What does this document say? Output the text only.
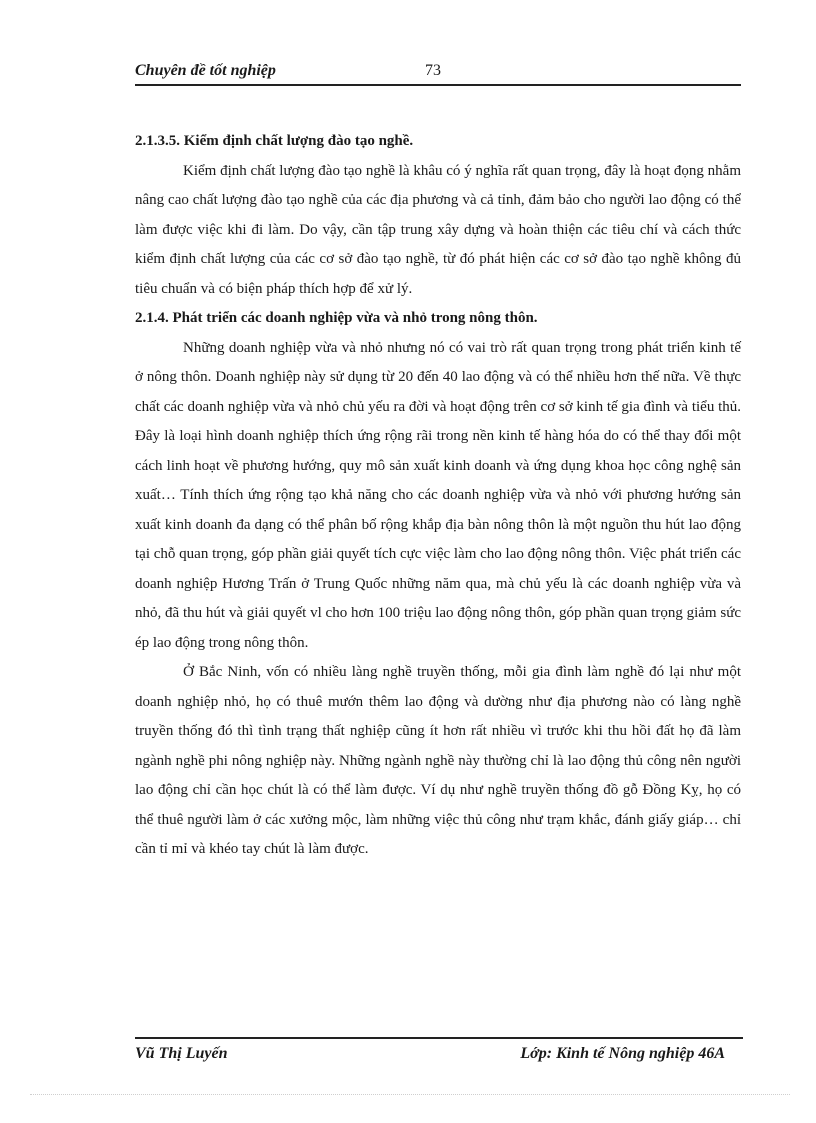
Chuyên đề tốt nghiệp	73

2.1.3.5. Kiểm định chất lượng đào tạo nghề.

Kiểm định chất lượng đào tạo nghề là khâu có ý nghĩa rất quan trọng, đây là hoạt đọng nhằm nâng cao chất lượng đào tạo nghề của các địa phương và cả tỉnh, đảm bảo cho người lao động có thể làm được việc khi đi làm. Do vậy, cần tập trung xây dựng và hoàn thiện các tiêu chí và cách thức kiểm định chất lượng của các cơ sở đào tạo nghề, từ đó phát hiện các cơ sở đào tạo nghề không đủ tiêu chuẩn và có biện pháp thích hợp để xử lý.

2.1.4. Phát triển các doanh nghiệp vừa và nhỏ trong nông thôn.

Những doanh nghiệp vừa và nhỏ nhưng nó có vai trò rất quan trọng trong phát triển kinh tế ở nông thôn. Doanh nghiệp này sử dụng từ 20 đến 40 lao động và có thể nhiều hơn thế nữa. Về thực chất các doanh nghiệp vừa và nhỏ chủ yếu ra đời và hoạt động trên cơ sở kinh tế gia đình và tiểu thủ. Đây là loại hình doanh nghiệp thích ứng rộng rãi trong nền kinh tế hàng hóa do có thể thay đổi một cách linh hoạt về phương hướng, quy mô sản xuất kinh doanh và ứng dụng khoa học công nghệ sản xuất… Tính thích ứng rộng tạo khả năng cho các doanh nghiệp vừa và nhỏ với phương hướng sản xuất kinh doanh đa dạng có thể phân bố rộng khắp địa bàn nông thôn là một nguồn thu hút lao động tại chỗ quan trọng, góp phần giải quyết tích cực việc làm cho lao động nông thôn. Việc phát triển các doanh nghiệp Hương Trấn ở Trung Quốc những năm qua, mà chủ yếu là các doanh nghiệp vừa và nhỏ, đã thu hút và giải quyết vl cho hơn 100 triệu lao động nông thôn, góp phần quan trọng giảm sức ép lao động trong nông thôn.

Ở Bắc Ninh, vốn có nhiều làng nghề truyền thống, mỗi gia đình làm nghề đó lại như một doanh nghiệp nhỏ, họ có thuê mướn thêm lao động và dường như địa phương nào có làng nghề truyền thống đó thì tình trạng thất nghiệp cũng ít hơn rất nhiều vì trước khi thu hồi đất họ đã làm ngành nghề phi nông nghiệp này. Những ngành nghề này thường chỉ là lao động thủ công nên người lao động chỉ cần học chút là có thể làm được. Ví dụ như nghề truyền thống đồ gỗ Đồng Kỵ, họ có thể thuê người làm ở các xưởng mộc, làm những việc thủ công như trạm khắc, đánh giấy giáp… chỉ cần tỉ mỉ và khéo tay chút là làm được.

Vũ Thị Luyến	Lớp: Kinh tế Nông nghiệp 46A
